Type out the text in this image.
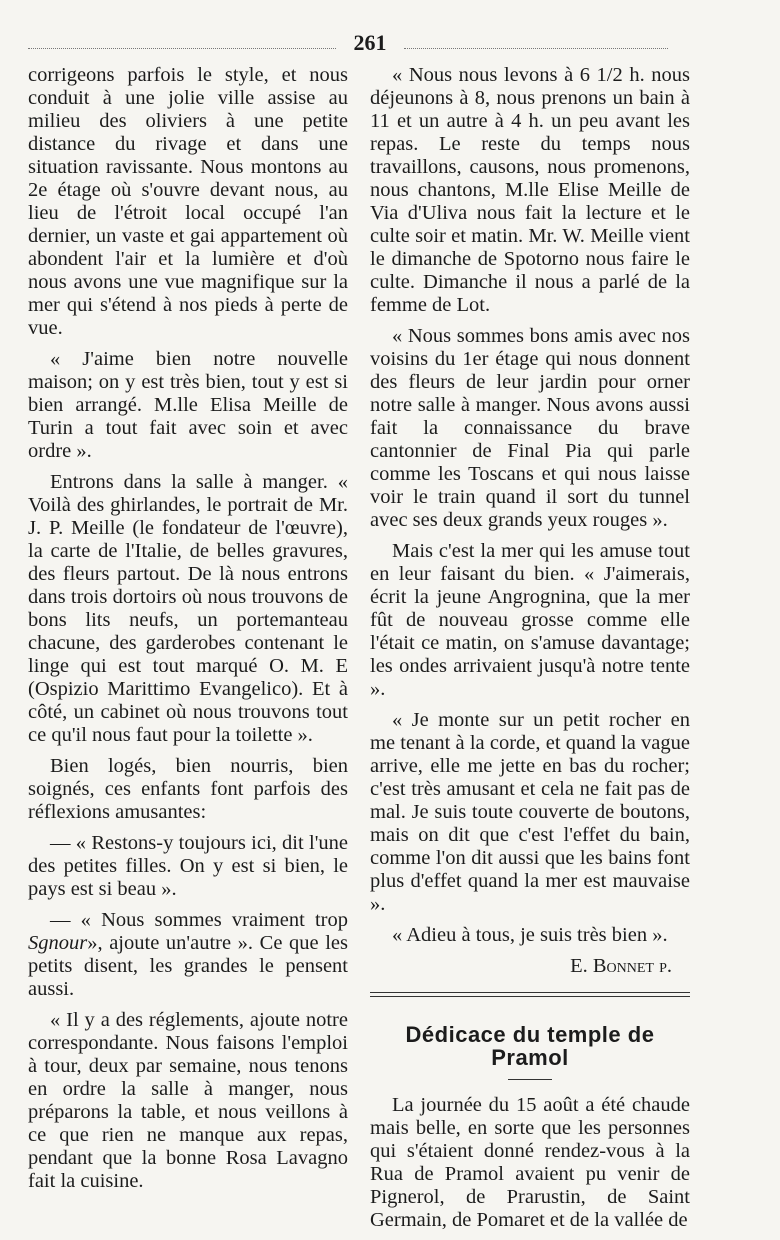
261

corrigeons parfois le style, et nous conduit à une jolie ville assise au milieu des oliviers à une petite distance du rivage et dans une situation ravissante. Nous montons au 2e étage où s'ouvre devant nous, au lieu de l'étroit local occupé l'an dernier, un vaste et gai appartement où abondent l'air et la lumière et d'où nous avons une vue magnifique sur la mer qui s'étend à nos pieds à perte de vue.

« J'aime bien notre nouvelle maison; on y est très bien, tout y est si bien arrangé. M.lle Elisa Meille de Turin a tout fait avec soin et avec ordre ».

Entrons dans la salle à manger. « Voilà des ghirlandes, le portrait de Mr. J. P. Meille (le fondateur de l'œuvre), la carte de l'Italie, de belles gravures, des fleurs partout. De là nous entrons dans trois dortoirs où nous trouvons de bons lits neufs, un portemanteau chacune, des garderobes contenant le linge qui est tout marqué O. M. E (Ospizio Marittimo Evangelico). Et à côté, un cabinet où nous trouvons tout ce qu'il nous faut pour la toilette ».

Bien logés, bien nourris, bien soignés, ces enfants font parfois des réflexions amusantes:

— « Restons-y toujours ici, dit l'une des petites filles. On y est si bien, le pays est si beau ».

— « Nous sommes vraiment trop Sgnour», ajoute un'autre ». Ce que les petits disent, les grandes le pensent aussi.

« Il y a des réglements, ajoute notre correspondante. Nous faisons l'emploi à tour, deux par semaine, nous tenons en ordre la salle à manger, nous préparons la table, et nous veillons à ce que rien ne manque aux repas, pendant que la bonne Rosa Lavagno fait la cuisine.

« Nous nous levons à 6 1/2 h. nous déjeunons à 8, nous prenons un bain à 11 et un autre à 4 h. un peu avant les repas. Le reste du temps nous travaillons, causons, nous promenons, nous chantons, M.lle Elise Meille de Via d'Uliva nous fait la lecture et le culte soir et matin. Mr. W. Meille vient le dimanche de Spotorno nous faire le culte. Dimanche il nous a parlé de la femme de Lot.

« Nous sommes bons amis avec nos voisins du 1er étage qui nous donnent des fleurs de leur jardin pour orner notre salle à manger. Nous avons aussi fait la connaissance du brave cantonnier de Final Pia qui parle comme les Toscans et qui nous laisse voir le train quand il sort du tunnel avec ses deux grands yeux rouges ».

Mais c'est la mer qui les amuse tout en leur faisant du bien. « J'aimerais, écrit la jeune Angrognina, que la mer fût de nouveau grosse comme elle l'était ce matin, on s'amuse davantage; les ondes arrivaient jusqu'à notre tente ».

« Je monte sur un petit rocher en me tenant à la corde, et quand la vague arrive, elle me jette en bas du rocher; c'est très amusant et cela ne fait pas de mal. Je suis toute couverte de boutons, mais on dit que c'est l'effet du bain, comme l'on dit aussi que les bains font plus d'effet quand la mer est mauvaise ».

« Adieu à tous, je suis très bien ».

E. Bonnet p.
Dédicace du temple de Pramol

La journée du 15 août a été chaude mais belle, en sorte que les personnes qui s'étaient donné rendez-vous à la Rua de Pramol avaient pu venir de Pignerol, de Prarustin, de Saint Germain, de Pomaret et de la vallée de
